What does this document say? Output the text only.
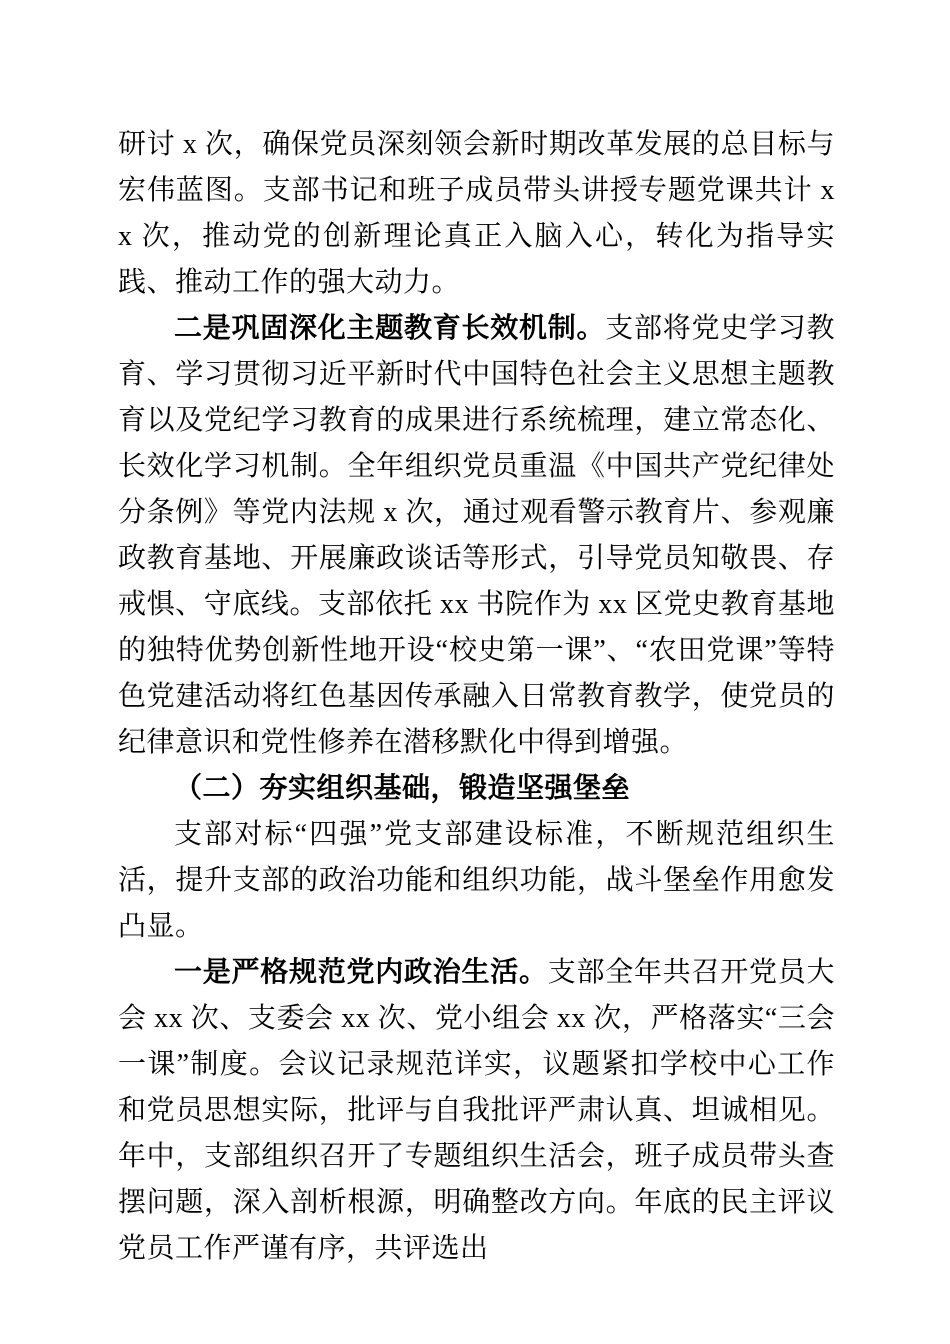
研讨 x 次，确保党员深刻领会新时期改革发展的总目标与宏伟蓝图。支部书记和班子成员带头讲授专题党课共计 xx 次，推动党的创新理论真正入脑入心，转化为指导实践、推动工作的强大动力。

二是巩固深化主题教育长效机制。支部将党史学习教育、学习贯彻习近平新时代中国特色社会主义思想主题教育以及党纪学习教育的成果进行系统梳理，建立常态化、长效化学习机制。全年组织党员重温《中国共产党纪律处分条例》等党内法规 x 次，通过观看警示教育片、参观廉政教育基地、开展廉政谈话等形式，引导党员知敬畏、存戒惧、守底线。支部依托 xx 书院作为 xx 区党史教育基地的独特优势创新性地开设“校史第一课”、“农田党课”等特色党建活动将红色基因传承融入日常教育教学，使党员的纪律意识和党性修养在潜移默化中得到增强。

（二）夯实组织基础，锻造坚强堡垒

支部对标“四强”党支部建设标准，不断规范组织生活，提升支部的政治功能和组织功能，战斗堡垒作用愈发凸显。

一是严格规范党内政治生活。支部全年共召开党员大会 xx 次、支委会 xx 次、党小组会 xx 次，严格落实“三会一课”制度。会议记录规范详实，议题紧扣学校中心工作和党员思想实际，批评与自我批评严肃认真、坦诚相见。年中，支部组织召开了专题组织生活会，班子成员带头查摆问题，深入剖析根源，明确整改方向。年底的民主评议党员工作严谨有序，共评选出
